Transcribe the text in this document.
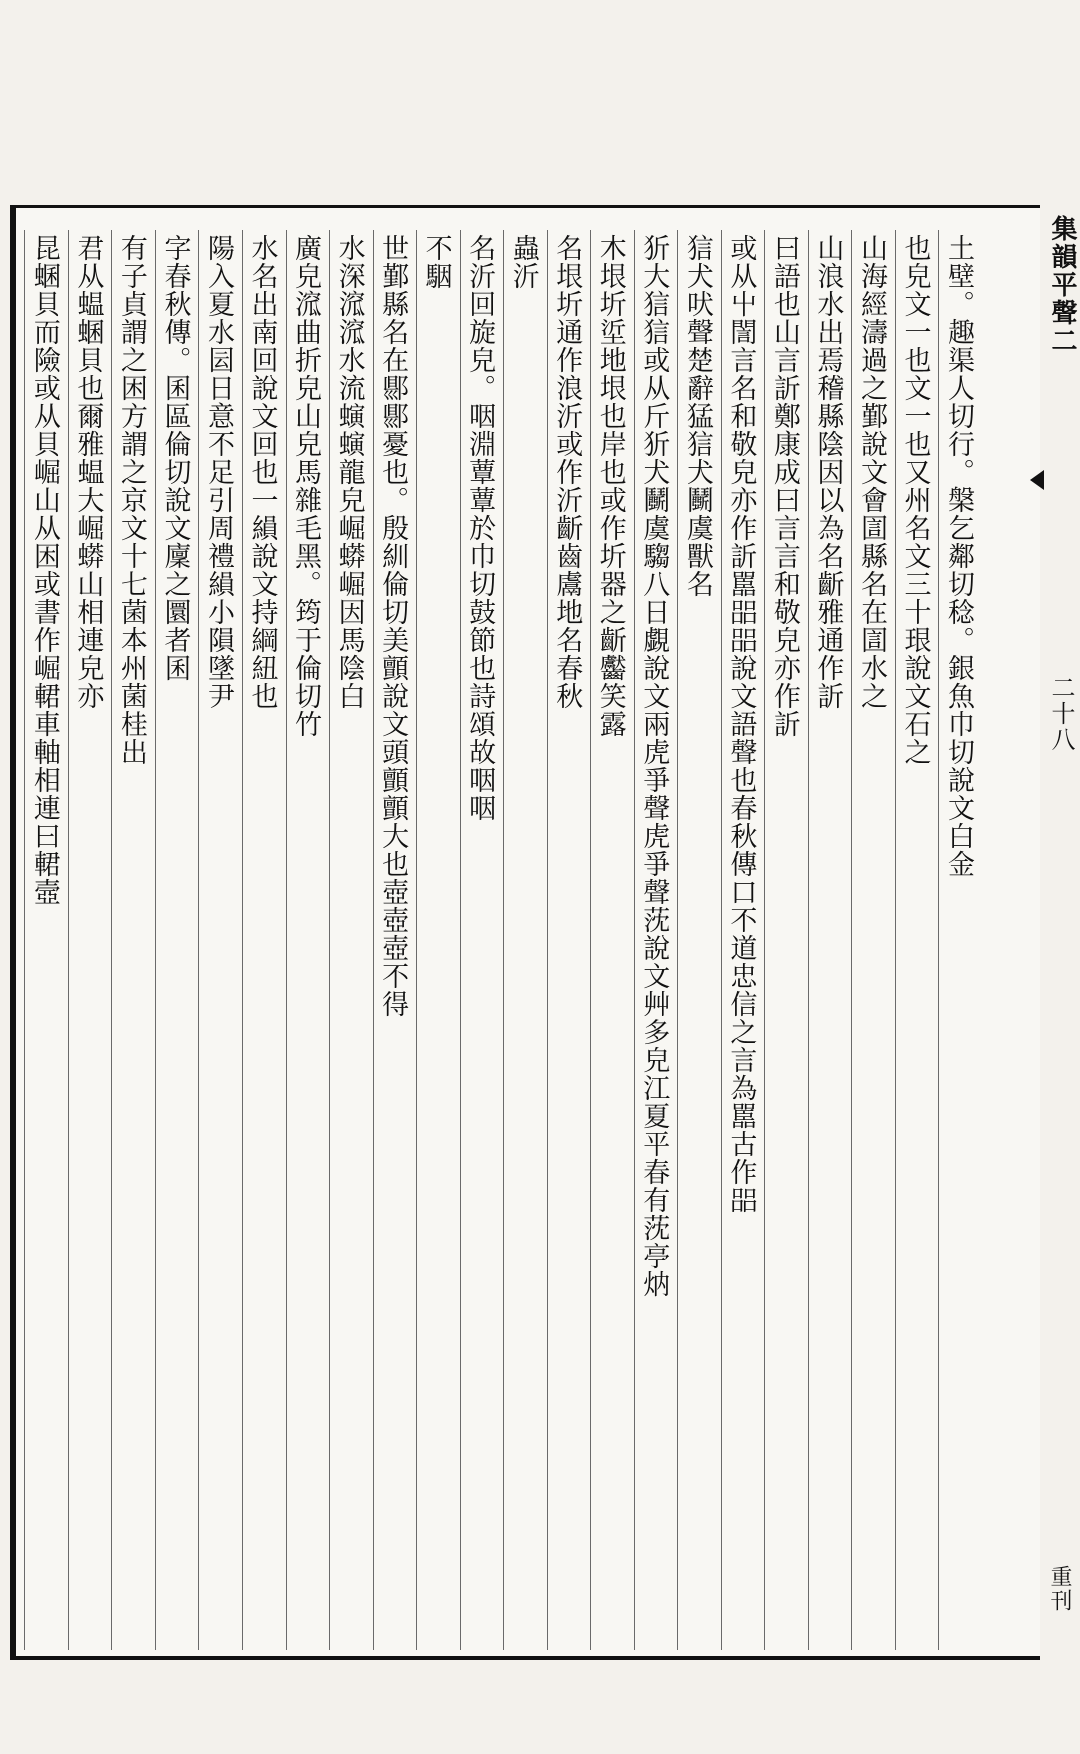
集韻平聲二
二十八
重刊
土壁。趣渠人切行。槃乞鄰切稔。銀魚巾切說文白金
也皃文一也文一也又州名文三十珢說文石之
山海經濤過之鄞說文會圁縣名在圁水之
山浪水出焉稽縣陰因以為名齗雅通作訢
曰語也山言訢鄭康成曰言言和敬皃亦作訢
或从屮誾言名和敬皃亦作訢嚚㗊㗊說文語聲也春秋傳口不道忠信之言為嚚古作㗊
狺犬吠聲楚辭猛狺犬鬭虞獸名
㹞大狺狺或从斤㹞犬鬭虞騶八日覷說文兩虎爭聲虎爭聲莐說文艸多皃江夏平春有莐亭㶧
木垠圻垽地垠也岸也或作圻器之齗齾笑露
名垠圻通作浪沂或作沂齗齒鬳地名春秋
蟲沂
名沂回旋皃。咽淵蕈蕈於巾切鼓節也詩頌故咽咽
不駰
世鄞縣名在郻郻憂也。殷紃倫切美顫說文頭顫顫大也壺壺壺不得
水深溛溛水流螾螾龍皃崛蟒崛因馬陰白
廣皃溛曲折皃山皃馬雜毛黑。筠于倫切竹
水名出南回說文回也一縜說文持綱紐也
陽入夏水囩日意不足引周禮縜小隕墜尹
字春秋傳。囷區倫切說文廩之圜者囷
有子貞謂之困方謂之京文十七菌本州菌桂出
君从蝹蜠貝也爾雅蝹大崛蟒山相連皃亦
昆蜠貝而險或从貝崛山从困或書作崛輑車軸相連曰輑壼
